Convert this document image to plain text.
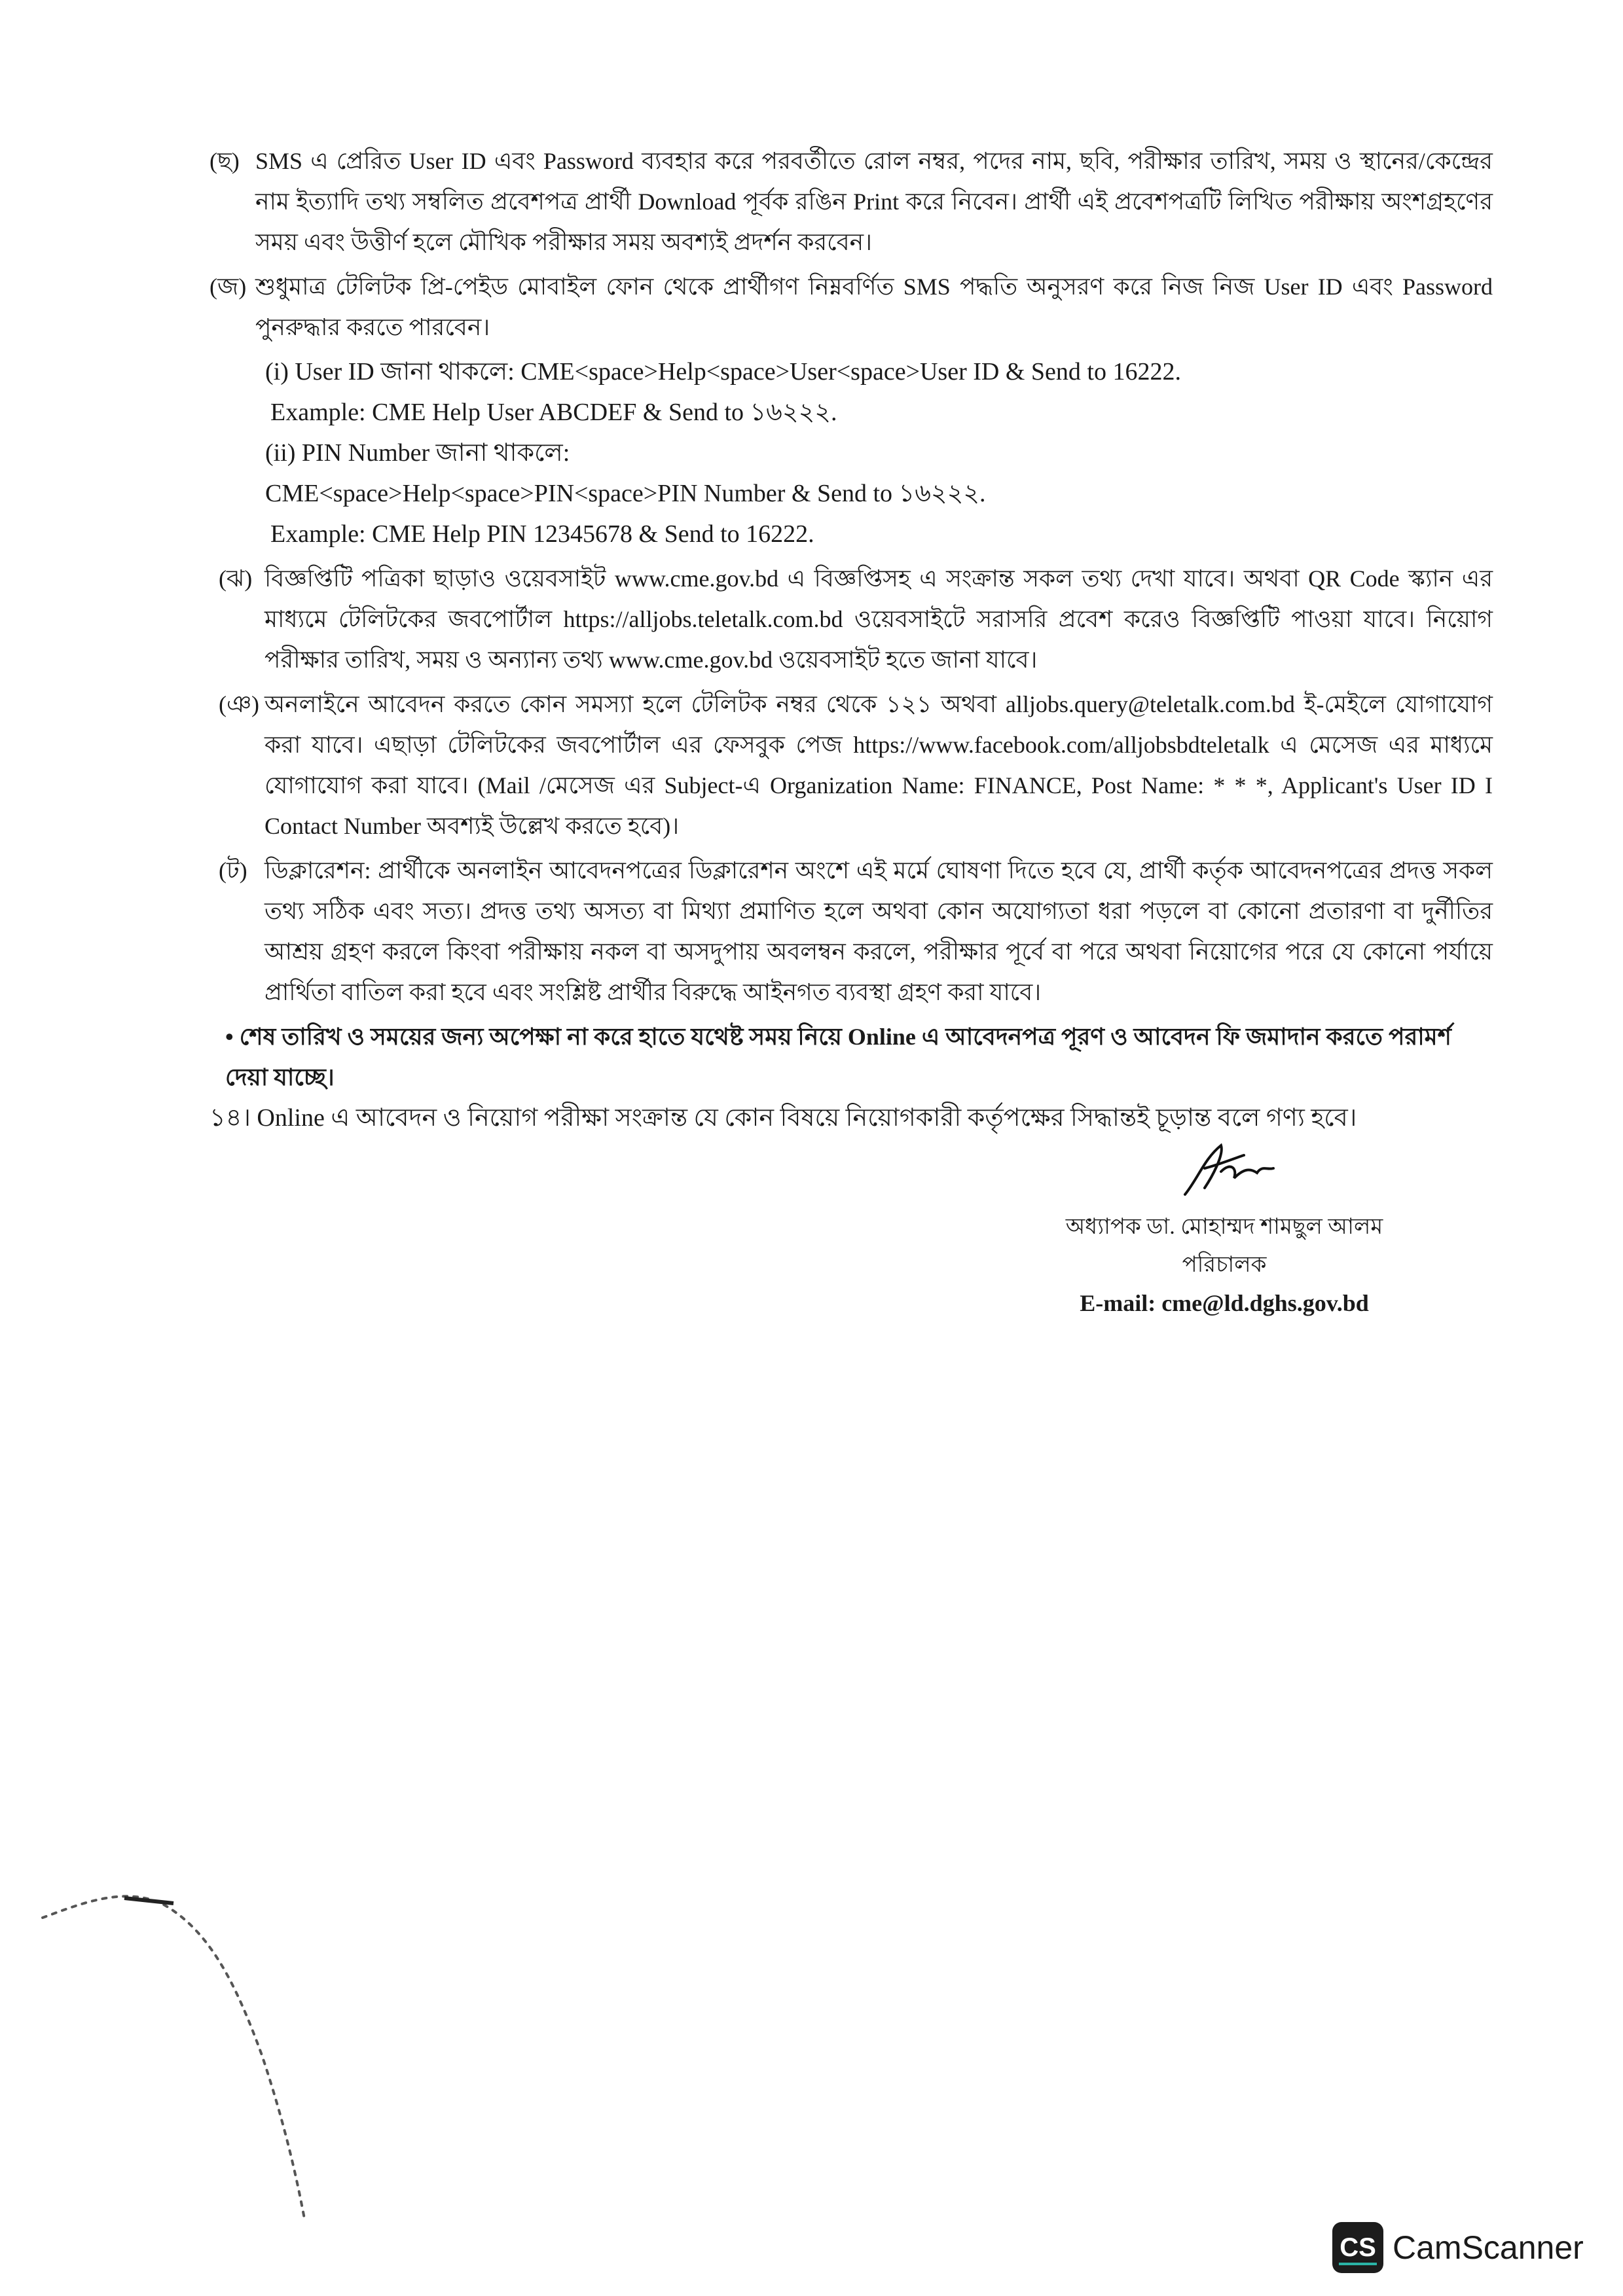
(ছ) SMS এ প্রেরিত User ID এবং Password ব্যবহার করে পরবর্তীতে রোল নম্বর, পদের নাম, ছবি, পরীক্ষার তারিখ, সময় ও স্থানের/কেন্দ্রের নাম ইত্যাদি তথ্য সম্বলিত প্রবেশপত্র প্রার্থী Download পূর্বক রঙিন Print করে নিবেন। প্রার্থী এই প্রবেশপত্রটি লিখিত পরীক্ষায় অংশগ্রহণের সময় এবং উত্তীর্ণ হলে মৌখিক পরীক্ষার সময় অবশ্যই প্রদর্শন করবেন।
(জ) শুধুমাত্র টেলিটক প্রি-পেইড মোবাইল ফোন থেকে প্রার্থীগণ নিম্নবর্ণিত SMS পদ্ধতি অনুসরণ করে নিজ নিজ User ID এবং Password পুনরুদ্ধার করতে পারবেন।
(i) User ID জানা থাকলে: CME<space>Help<space>User<space>User ID & Send to 16222.
Example: CME Help User ABCDEF & Send to ১৬২২২.
(ii) PIN Number জানা থাকলে:
CME<space>Help<space>PIN<space>PIN Number & Send to ১৬২২২.
Example: CME Help PIN 12345678 & Send to 16222.
(ঝ) বিজ্ঞপ্তিটি পত্রিকা ছাড়াও ওয়েবসাইট www.cme.gov.bd এ বিজ্ঞপ্তিসহ এ সংক্রান্ত সকল তথ্য দেখা যাবে। অথবা QR Code স্ক্যান এর মাধ্যমে টেলিটকের জবপোর্টাল https://alljobs.teletalk.com.bd ওয়েবসাইটে সরাসরি প্রবেশ করেও বিজ্ঞপ্তিটি পাওয়া যাবে। নিয়োগ পরীক্ষার তারিখ, সময় ও অন্যান্য তথ্য www.cme.gov.bd ওয়েবসাইট হতে জানা যাবে।
(ঞ) অনলাইনে আবেদন করতে কোন সমস্যা হলে টেলিটক নম্বর থেকে ১২১ অথবা alljobs.query@teletalk.com.bd ই-মেইলে যোগাযোগ করা যাবে। এছাড়া টেলিটকের জবপোর্টাল এর ফেসবুক পেজ https://www.facebook.com/alljobsbdteletalk এ মেসেজ এর মাধ্যমে যোগাযোগ করা যাবে। (Mail /মেসেজ এর Subject-এ Organization Name: FINANCE, Post Name: * * *, Applicant's User ID I Contact Number অবশ্যই উল্লেখ করতে হবে)।
(ট) ডিক্লারেশন: প্রার্থীকে অনলাইন আবেদনপত্রের ডিক্লারেশন অংশে এই মর্মে ঘোষণা দিতে হবে যে, প্রার্থী কর্তৃক আবেদনপত্রের প্রদত্ত সকল তথ্য সঠিক এবং সত্য। প্রদত্ত তথ্য অসত্য বা মিথ্যা প্রমাণিত হলে অথবা কোন অযোগ্যতা ধরা পড়লে বা কোনো প্রতারণা বা দুর্নীতির আশ্রয় গ্রহণ করলে কিংবা পরীক্ষায় নকল বা অসদুপায় অবলম্বন করলে, পরীক্ষার পূর্বে বা পরে অথবা নিয়োগের পরে যে কোনো পর্যায়ে প্রার্থিতা বাতিল করা হবে এবং সংশ্লিষ্ট প্রার্থীর বিরুদ্ধে আইনগত ব্যবস্থা গ্রহণ করা যাবে।
• শেষ তারিখ ও সময়ের জন্য অপেক্ষা না করে হাতে যথেষ্ট সময় নিয়ে Online এ আবেদনপত্র পূরণ ও আবেদন ফি জমাদান করতে পরামর্শ দেয়া যাচ্ছে।
১৪। Online এ আবেদন ও নিয়োগ পরীক্ষা সংক্রান্ত যে কোন বিষয়ে নিয়োগকারী কর্তৃপক্ষের সিদ্ধান্তই চূড়ান্ত বলে গণ্য হবে।
অধ্যাপক ডা. মোহাম্মদ শামছুল আলম
পরিচালক
E-mail: cme@ld.dghs.gov.bd
CS CamScanner
